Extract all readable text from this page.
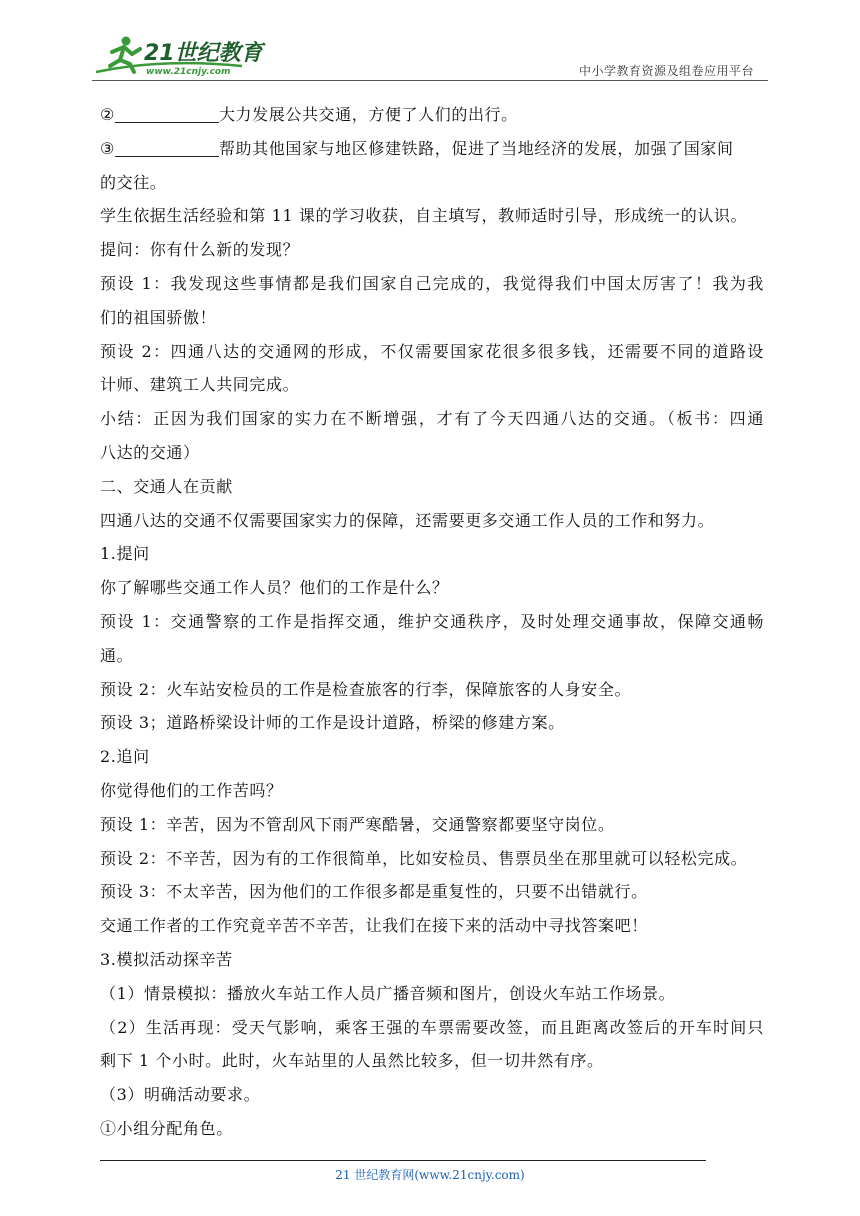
21世纪教育
www.21cnjy.com	中小学教育资源及组卷应用平台
②	大力发展公共交通，方便了人们的出行。
③	帮助其他国家与地区修建铁路，促进了当地经济的发展，加强了国家间
的交往。
学生依据生活经验和第 11 课的学习收获，自主填写，教师适时引导，形成统一的认识。
提问：你有什么新的发现？
预设 1：我发现这些事情都是我们国家自己完成的，我觉得我们中国太厉害了！我为我
们的祖国骄傲！
预设 2：四通八达的交通网的形成，不仅需要国家花很多很多钱，还需要不同的道路设
计师、建筑工人共同完成。
小结：正因为我们国家的实力在不断增强，才有了今天四通八达的交通。（板书：四通
八达的交通）
二、交通人在贡献
四通八达的交通不仅需要国家实力的保障，还需要更多交通工作人员的工作和努力。
1.提问
你了解哪些交通工作人员？他们的工作是什么？
预设 1：交通警察的工作是指挥交通，维护交通秩序，及时处理交通事故，保障交通畅
通。
预设 2：火车站安检员的工作是检查旅客的行李，保障旅客的人身安全。
预设 3；道路桥梁设计师的工作是设计道路，桥梁的修建方案。
2.追问
你觉得他们的工作苦吗？
预设 1：辛苦，因为不管刮风下雨严寒酷暑，交通警察都要坚守岗位。
预设 2：不辛苦，因为有的工作很简单，比如安检员、售票员坐在那里就可以轻松完成。
预设 3：不太辛苦，因为他们的工作很多都是重复性的，只要不出错就行。
交通工作者的工作究竟辛苦不辛苦，让我们在接下来的活动中寻找答案吧！
3.模拟活动探辛苦
（1）情景模拟：播放火车站工作人员广播音频和图片，创设火车站工作场景。
（2）生活再现：受天气影响，乘客王强的车票需要改签，而且距离改签后的开车时间只
剩下 1 个小时。此时，火车站里的人虽然比较多，但一切井然有序。
（3）明确活动要求。
①小组分配角色。
21 世纪教育网(www.21cnjy.com)
